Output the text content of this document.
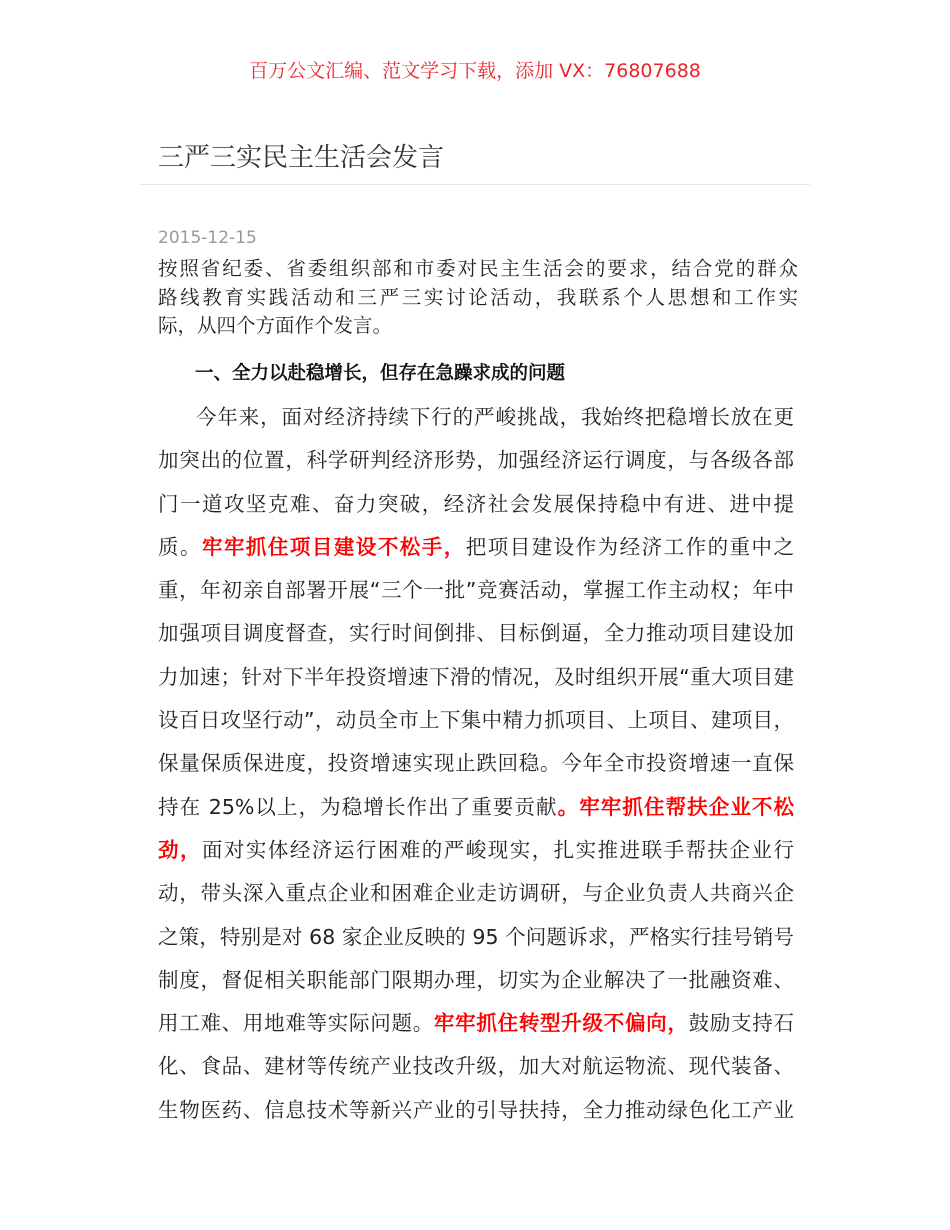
百万公文汇编、范文学习下载，添加 VX：76807688
三严三实民主生活会发言
2015-12-15
按照省纪委、省委组织部和市委对民主生活会的要求，结合党的群众
路线教育实践活动和三严三实讨论活动，我联系个人思想和工作实
际，从四个方面作个发言。
一、全力以赴稳增长，但存在急躁求成的问题
今年来，面对经济持续下行的严峻挑战，我始终把稳增长放在更
加突出的位置，科学研判经济形势，加强经济运行调度，与各级各部
门一道攻坚克难、奋力突破，经济社会发展保持稳中有进、进中提
质。牢牢抓住项目建设不松手，把项目建设作为经济工作的重中之
重，年初亲自部署开展“三个一批”竞赛活动，掌握工作主动权；年中
加强项目调度督查，实行时间倒排、目标倒逼，全力推动项目建设加
力加速；针对下半年投资增速下滑的情况，及时组织开展“重大项目建
设百日攻坚行动”，动员全市上下集中精力抓项目、上项目、建项目，
保量保质保进度，投资增速实现止跌回稳。今年全市投资增速一直保
持在 25%以上，为稳增长作出了重要贡献。牢牢抓住帮扶企业不松
劲，面对实体经济运行困难的严峻现实，扎实推进联手帮扶企业行
动，带头深入重点企业和困难企业走访调研，与企业负责人共商兴企
之策，特别是对 68 家企业反映的 95 个问题诉求，严格实行挂号销号
制度，督促相关职能部门限期办理，切实为企业解决了一批融资难、
用工难、用地难等实际问题。牢牢抓住转型升级不偏向，鼓励支持石
化、食品、建材等传统产业技改升级，加大对航运物流、现代装备、
生物医药、信息技术等新兴产业的引导扶持，全力推动绿色化工产业
